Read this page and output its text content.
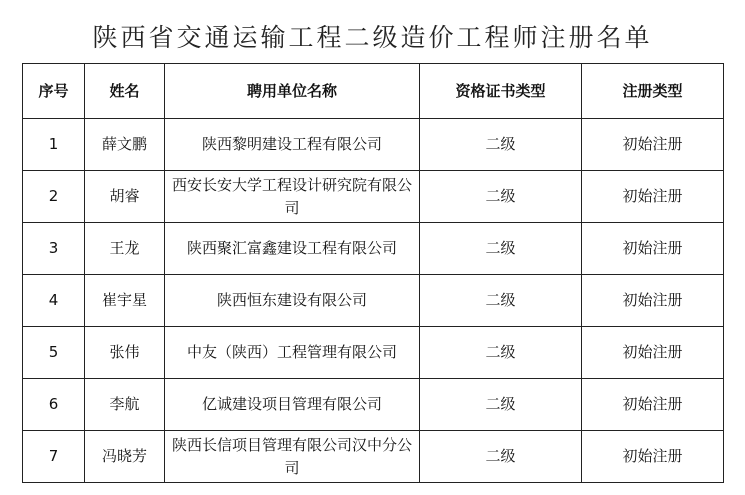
陕西省交通运输工程二级造价工程师注册名单
序号	姓名	聘用单位名称	资格证书类型	注册类型
1	薛文鹏	陕西黎明建设工程有限公司	二级	初始注册
2	胡睿	西安长安大学工程设计研究院有限公司	二级	初始注册
3	王龙	陕西聚汇富鑫建设工程有限公司	二级	初始注册
4	崔宇星	陕西恒东建设有限公司	二级	初始注册
5	张伟	中友（陕西）工程管理有限公司	二级	初始注册
6	李航	亿诚建设项目管理有限公司	二级	初始注册
7	冯晓芳	陕西长信项目管理有限公司汉中分公司	二级	初始注册
